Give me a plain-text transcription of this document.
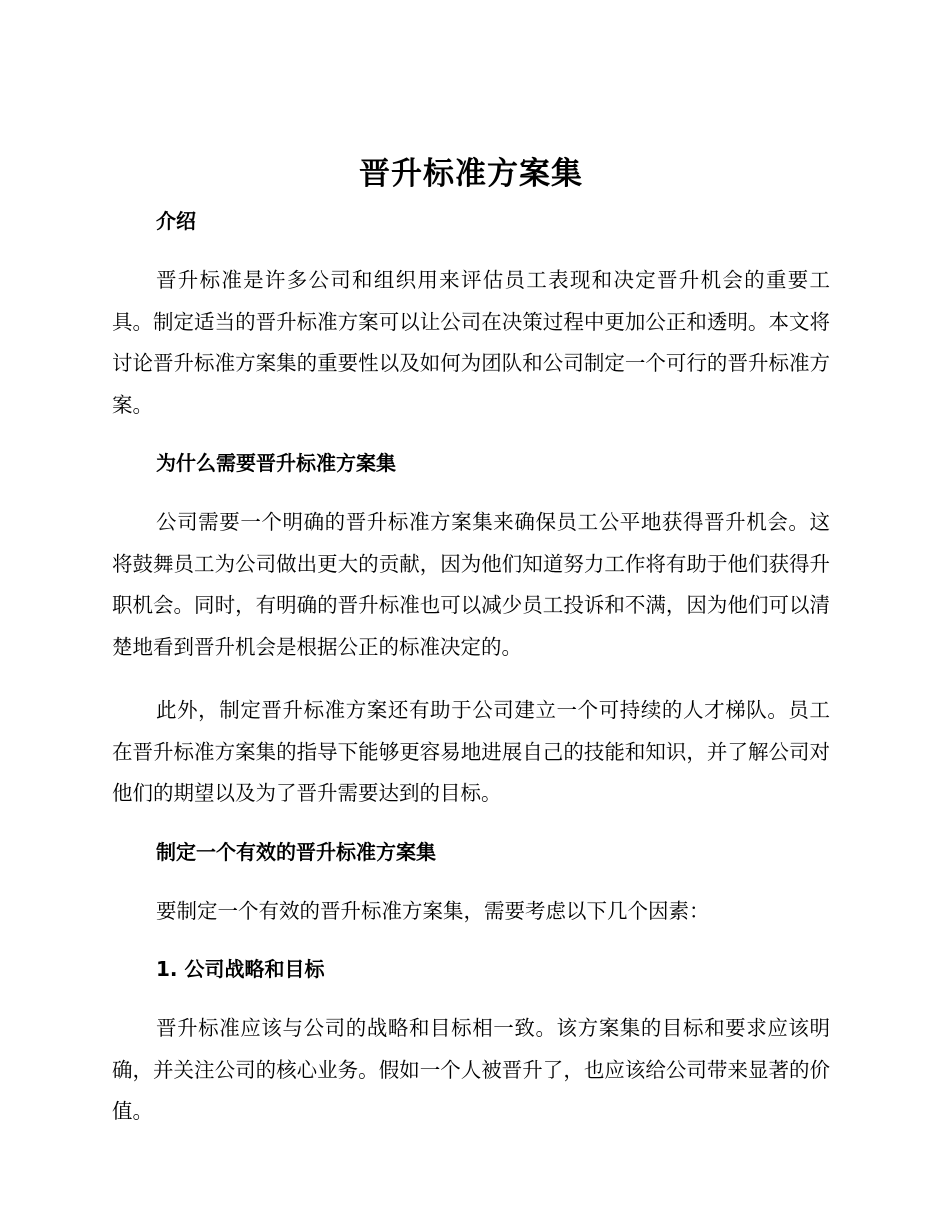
晋升标准方案集
介绍

晋升标准是许多公司和组织用来评估员工表现和决定晋升机会的重要工具。制定适当的晋升标准方案可以让公司在决策过程中更加公正和透明。本文将讨论晋升标准方案集的重要性以及如何为团队和公司制定一个可行的晋升标准方案。

为什么需要晋升标准方案集

公司需要一个明确的晋升标准方案集来确保员工公平地获得晋升机会。这将鼓舞员工为公司做出更大的贡献，因为他们知道努力工作将有助于他们获得升职机会。同时，有明确的晋升标准也可以减少员工投诉和不满，因为他们可以清楚地看到晋升机会是根据公正的标准决定的。

此外，制定晋升标准方案还有助于公司建立一个可持续的人才梯队。员工在晋升标准方案集的指导下能够更容易地进展自己的技能和知识，并了解公司对他们的期望以及为了晋升需要达到的目标。

制定一个有效的晋升标准方案集

要制定一个有效的晋升标准方案集，需要考虑以下几个因素：

1. 公司战略和目标

晋升标准应该与公司的战略和目标相一致。该方案集的目标和要求应该明确，并关注公司的核心业务。假如一个人被晋升了，也应该给公司带来显著的价值。
